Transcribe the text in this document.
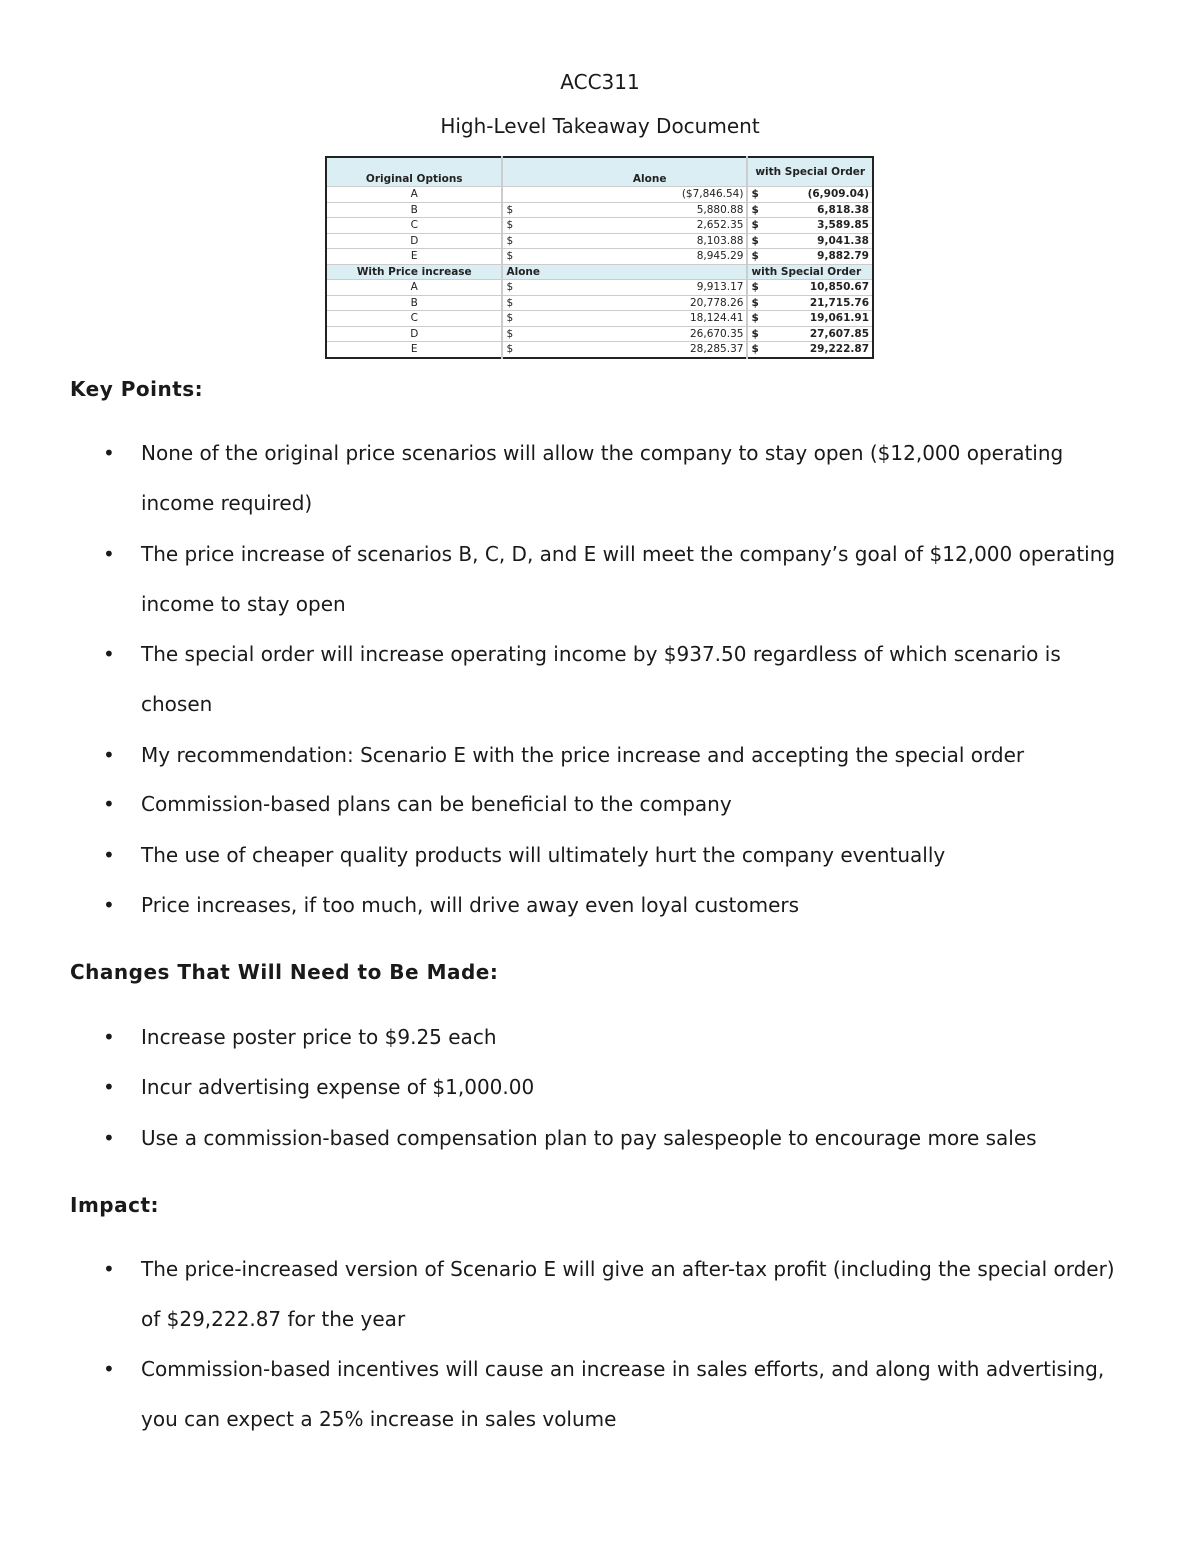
ACC311
High-Level Takeaway Document
Original Options	Alone	with Special Order
A	($7,846.54)	$ (6,909.04)

B	$ 5,880.88	$ 6,818.38

C	$ 2,652.35	$ 3,589.85

D	$ 8,103.88	$ 9,041.38

E	$ 8,945.29	$ 9,882.79

With Price increase	Alone	with Special Order
A	$ 9,913.17	$ 10,850.67

B	$ 20,778.26	$ 21,715.76

C	$ 18,124.41	$ 19,061.91

D	$ 26,670.35	$ 27,607.85

E	$ 28,285.37	$ 29,222.87
Key Points:
• None of the original price scenarios will allow the company to stay open ($12,000 operating income required)
• The price increase of scenarios B, C, D, and E will meet the company’s goal of $12,000 operating income to stay open
• The special order will increase operating income by $937.50 regardless of which scenario is chosen
• My recommendation: Scenario E with the price increase and accepting the special order
• Commission-based plans can be beneficial to the company
• The use of cheaper quality products will ultimately hurt the company eventually
• Price increases, if too much, will drive away even loyal customers
Changes That Will Need to Be Made:
• Increase poster price to $9.25 each
• Incur advertising expense of $1,000.00
• Use a commission-based compensation plan to pay salespeople to encourage more sales
Impact:
• The price-increased version of Scenario E will give an after-tax profit (including the special order) of $29,222.87 for the year
• Commission-based incentives will cause an increase in sales efforts, and along with advertising, you can expect a 25% increase in sales volume
